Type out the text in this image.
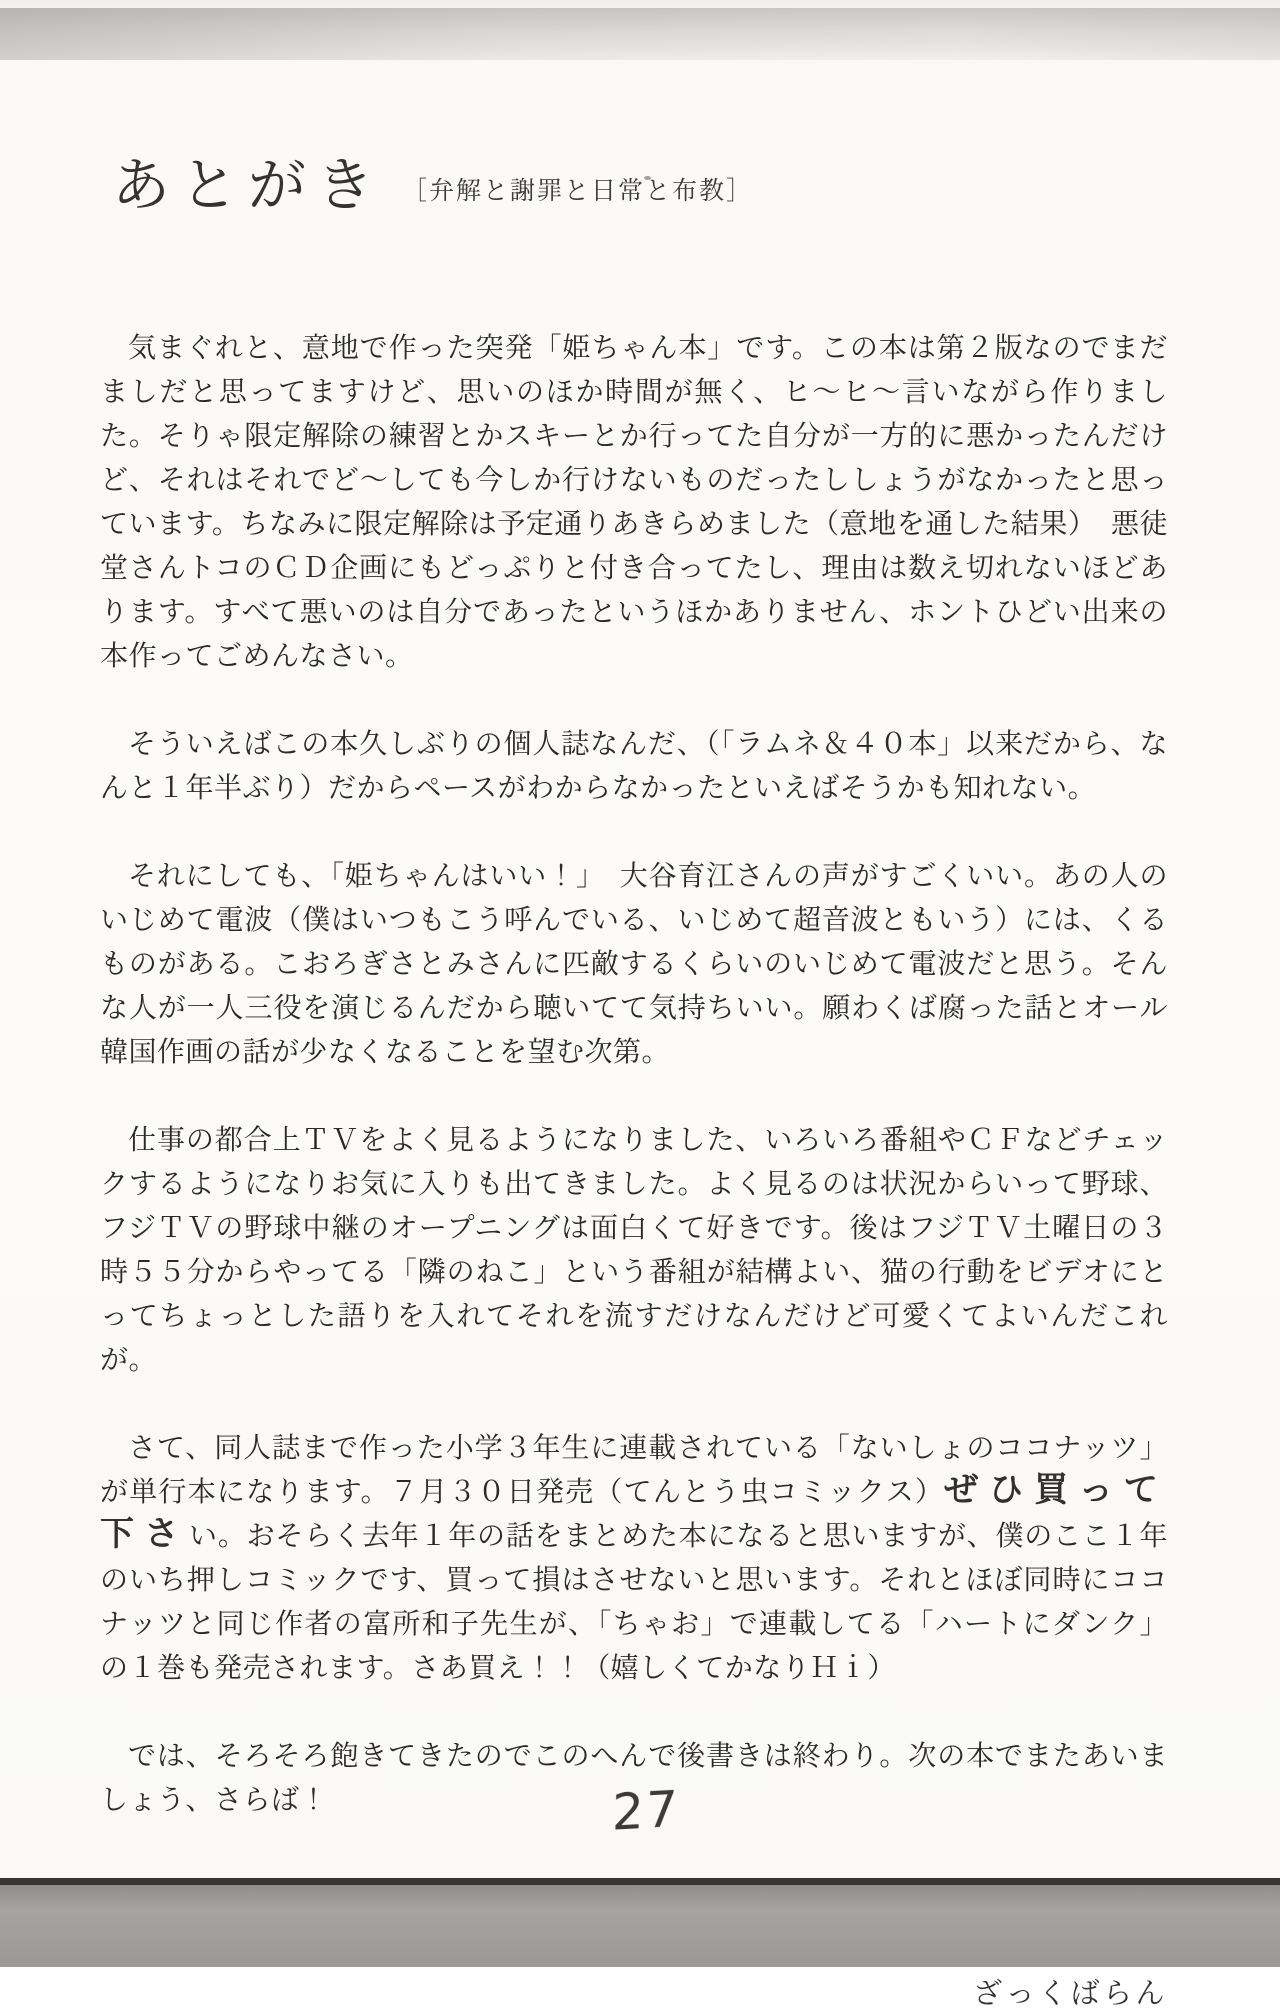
あとがき ［弁解と謝罪と日常と布教］

気まぐれと、意地で作った突発「姫ちゃん本」です。この本は第２版なのでまだましだと思ってますけど、思いのほか時間が無く、ヒ～ヒ～言いながら作りました。そりゃ限定解除の練習とかスキーとか行ってた自分が一方的に悪かったんだけど、それはそれでど～しても今しか行けないものだったししょうがなかったと思っています。ちなみに限定解除は予定通りあきらめました（意地を通した結果）　悪徒堂さんトコのＣＤ企画にもどっぷりと付き合ってたし、理由は数え切れないほどあります。すべて悪いのは自分であったというほかありません、ホントひどい出来の本作ってごめんなさい。

そういえばこの本久しぶりの個人誌なんだ、（「ラムネ＆４０本」以来だから、なんと１年半ぶり）だからペースがわからなかったといえばそうかも知れない。

それにしても、「姫ちゃんはいい！」　大谷育江さんの声がすごくいい。あの人のいじめて電波（僕はいつもこう呼んでいる、いじめて超音波ともいう）には、くるものがある。こおろぎさとみさんに匹敵するくらいのいじめて電波だと思う。そんな人が一人三役を演じるんだから聴いてて気持ちいい。願わくば腐った話とオール韓国作画の話が少なくなることを望む次第。

仕事の都合上ＴＶをよく見るようになりました、いろいろ番組やＣＦなどチェックするようになりお気に入りも出てきました。よく見るのは状況からいって野球、フジＴＶの野球中継のオープニングは面白くて好きです。後はフジＴＶ土曜日の３時５５分からやってる「隣のねこ」という番組が結構よい、猫の行動をビデオにとってちょっとした語りを入れてそれを流すだけなんだけど可愛くてよいんだこれが。

さて、同人誌まで作った小学３年生に連載されている「ないしょのココナッツ」が単行本になります。７月３０日発売（てんとう虫コミックス）ぜひ買って下さい。おそらく去年１年の話をまとめた本になると思いますが、僕のここ１年のいち押しコミックです、買って損はさせないと思います。それとほぼ同時にココナッツと同じ作者の富所和子先生が、「ちゃお」で連載してる「ハートにダンク」の１巻も発売されます。さあ買え！！（嬉しくてかなりＨｉ）

では、そろそろ飽きてきたのでこのへんで後書きは終わり。次の本でまたあいましょう、さらば！

ざっくばらん
27
